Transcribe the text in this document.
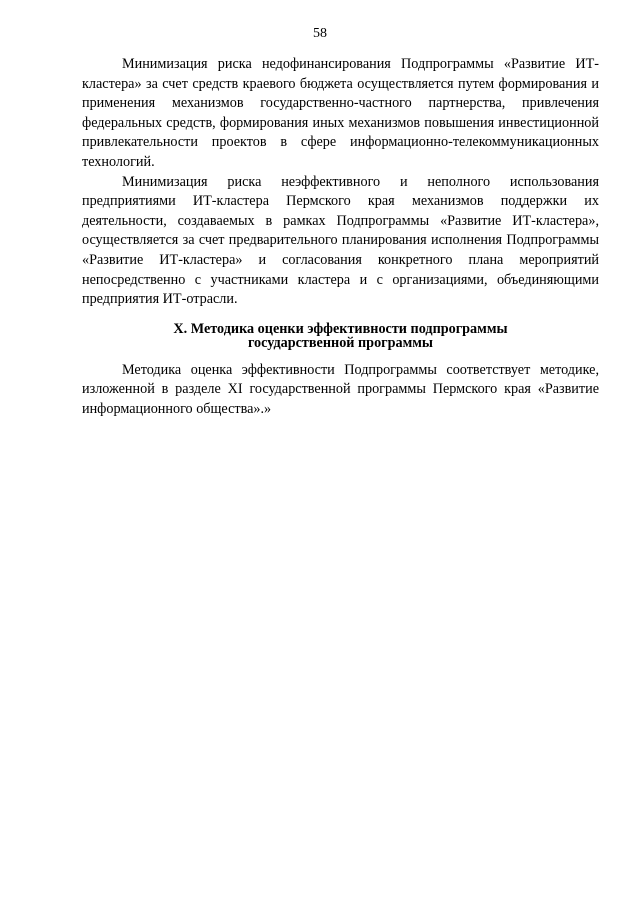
58

Минимизация риска недофинансирования Подпрограммы «Развитие ИТ-кластера» за счет средств краевого бюджета осуществляется путем формирования и применения механизмов государственно-частного партнерства, привлечения федеральных средств, формирования иных механизмов повышения инвестиционной привлекательности проектов в сфере информационно-телекоммуникационных технологий.

Минимизация риска неэффективного и неполного использования предприятиями ИТ-кластера Пермского края механизмов поддержки их деятельности, создаваемых в рамках Подпрограммы «Развитие ИТ-кластера», осуществляется за счет предварительного планирования исполнения Подпрограммы «Развитие ИТ-кластера» и согласования конкретного плана мероприятий непосредственно с участниками кластера и с организациями, объединяющими предприятия ИТ-отрасли.

X. Методика оценки эффективности подпрограммы
государственной программы

Методика оценка эффективности Подпрограммы соответствует методике, изложенной в разделе XI государственной программы Пермского края «Развитие информационного общества».»
